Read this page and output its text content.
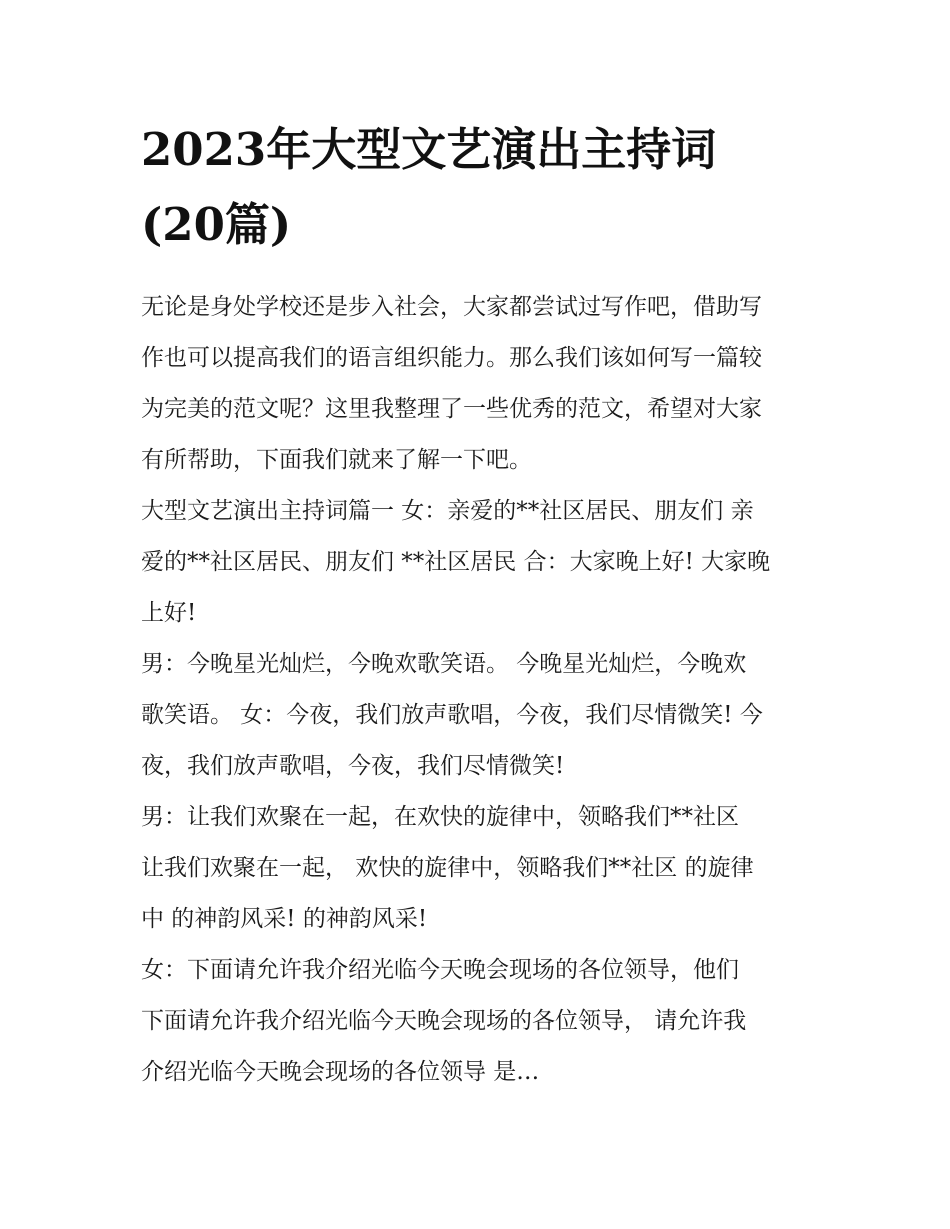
2023年大型文艺演出主持词
(20篇)

无论是身处学校还是步入社会，大家都尝试过写作吧，借助写
作也可以提高我们的语言组织能力。那么我们该如何写一篇较
为完美的范文呢？这里我整理了一些优秀的范文，希望对大家
有所帮助，下面我们就来了解一下吧。

大型文艺演出主持词篇一 女：亲爱的**社区居民、朋友们 亲
爱的**社区居民、朋友们 **社区居民 合：大家晚上好! 大家晚
上好!

男：今晚星光灿烂，今晚欢歌笑语。 今晚星光灿烂，今晚欢
歌笑语。 女：今夜，我们放声歌唱，今夜，我们尽情微笑! 今
夜，我们放声歌唱，今夜，我们尽情微笑!

男：让我们欢聚在一起，在欢快的旋律中，领略我们**社区
让我们欢聚在一起， 欢快的旋律中，领略我们**社区 的旋律
中 的神韵风采! 的神韵风采!

女：下面请允许我介绍光临今天晚会现场的各位领导，他们
下面请允许我介绍光临今天晚会现场的各位领导， 请允许我
介绍光临今天晚会现场的各位领导 是…
